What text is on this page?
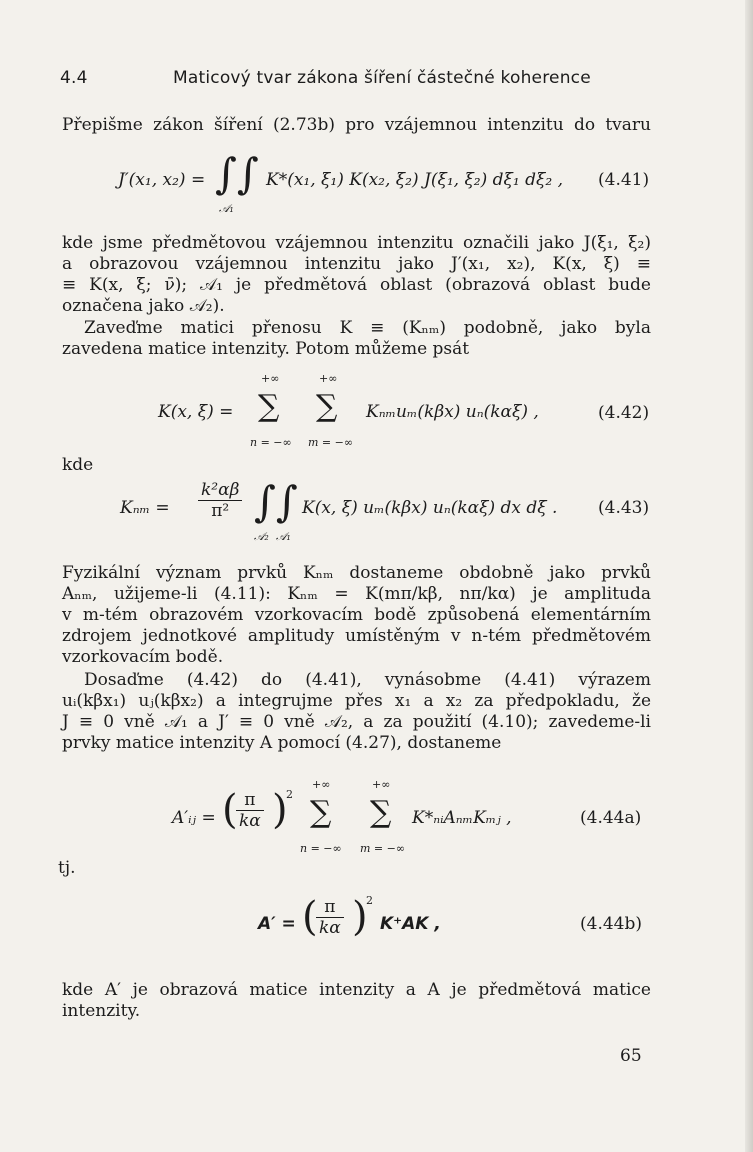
4.4	Maticový tvar zákona šíření částečné koherence
Přepišme zákon šíření (2.73b) pro vzájemnou intenzitu do tvaru
J′(x₁, x₂) = ∫∫ K*(x₁, ξ₁) K(x₂, ξ₂) J(ξ₁, ξ₂) dξ₁ dξ₂ ,
𝒜₁
(4.41)
kde jsme předmětovou vzájemnou intenzitu označili jako J(ξ₁, ξ₂)
a obrazovou vzájemnou intenzitu jako J′(x₁, x₂), K(x, ξ) ≡
≡ K(x, ξ; ν̄); 𝒜₁ je předmětová oblast (obrazová oblast bude
označena jako 𝒜₂).
Zaveďme matici přenosu K ≡ (Kₙₘ) podobně, jako byla
zavedena matice intenzity. Potom můžeme psát
+∞	+∞
K(x, ξ) = ∑ ∑ Kₙₘuₘ(kβx) uₙ(kαξ) ,
n = −∞ m = −∞
(4.42)
kde
$K_{nm} = \frac{\text{k²αβ}}{\text{π²}}$ ∫∫ K(x, ξ) uₘ(kβx) uₙ(kαξ) dx dξ .
𝒜₂ 𝒜₁
(4.43)
Fyzikální význam prvků Kₙₘ dostaneme obdobně jako prvků
Aₙₘ, užijeme-li (4.11): Kₙₘ = K(mπ/kβ, nπ/kα) je amplituda
v m-tém obrazovém vzorkovacím bodě způsobená elementárním
zdrojem jednotkové amplitudy umístěným v n-tém předmětovém
vzorkovacím bodě.
Dosaďme (4.42) do (4.41), vynásobme (4.41) výrazem
uᵢ(kβx₁) uⱼ(kβx₂) a integrujme přes x₁ a x₂ za předpokladu, že
J ≡ 0 vně 𝒜₁ a J′ ≡ 0 vně 𝒜₂, a za použití (4.10); zavedeme-li
prvky matice intenzity A pomocí (4.27), dostaneme
+∞	+∞
A′ᵢⱼ = (
$\frac{\pi}{k\alpha}$ )
2
∑ ∑ K*ₙᵢAₙₘKₘⱼ ,
n = −∞ m = −∞
(4.44a)
tj.
A′ = (
$\frac{\pi}{k\alpha}$ )
2
K⁺AK ,	(4.44b)
kde A′ je obrazová matice intenzity a A je předmětová matice
intenzity.
65
